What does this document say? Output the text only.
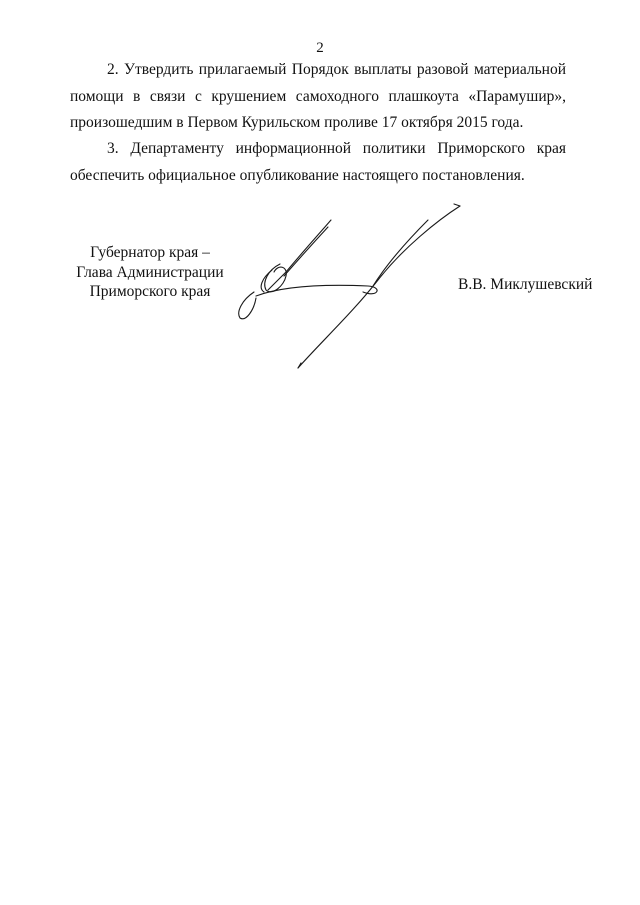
2
2. Утвердить прилагаемый Порядок выплаты разовой материальной
помощи в связи с крушением самоходного плашкоута «Парамушир»,
произошедшим в Первом Курильском проливе 17 октября 2015 года.
3. Департаменту информационной политики Приморского края
обеспечить официальное опубликование настоящего постановления.
Губернатор края –
Глава Администрации
Приморского края	В.В. Миклушевский
